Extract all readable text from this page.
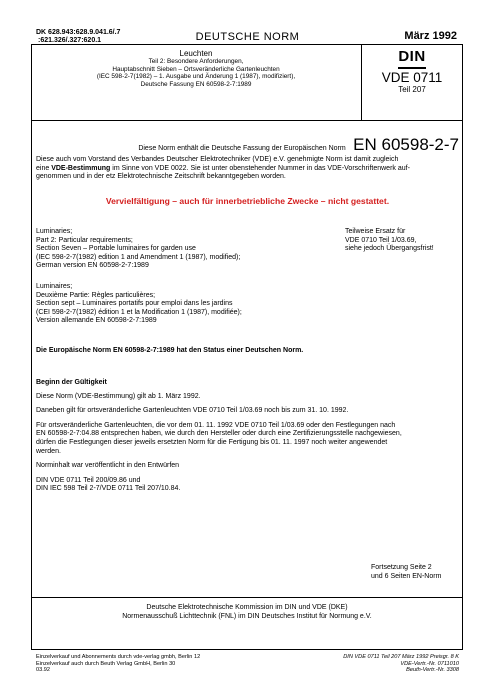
DK 628.943:628.9.041.6/.7
:621.326/.327:620.1	DEUTSCHE NORM	März 1992
Leuchten
Teil 2: Besondere Anforderungen,
Hauptabschnitt Sieben – Ortsveränderliche Gartenleuchten
(IEC 598-2-7(1982) – 1. Ausgabe und Änderung 1 (1987), modifiziert),
Deutsche Fassung EN 60598-2-7:1989
DIN
VDE 0711
Teil 207
Diese Norm enthält die Deutsche Fassung der Europäischen Norm EN 60598-2-7
Diese auch vom Vorstand des Verbandes Deutscher Elektrotechniker (VDE) e.V. genehmigte Norm ist damit zugleich
eine VDE-Bestimmung im Sinne von VDE 0022. Sie ist unter obenstehender Nummer in das VDE-Vorschriftenwerk auf-
genommen und in der etz Elektrotechnische Zeitschrift bekanntgegeben worden.
Vervielfältigung – auch für innerbetriebliche Zwecke – nicht gestattet.
Luminaries;
Part 2: Particular requirements;
Section Seven – Portable luminaires for garden use
(IEC 598-2-7(1982) edition 1 and Amendment 1 (1987), modified);
German version EN 60598-2-7:1989
Teilweise Ersatz für
VDE 0710 Teil 1/03.69,
siehe jedoch Übergangsfrist!
Luminaires;
Deuxième Partie: Règles particulières;
Section sept – Luminaires portatifs pour emploi dans les jardins
(CEI 598-2-7(1982) édition 1 et la Modification 1 (1987), modifiée);
Version allemande EN 60598-2-7:1989
Die Europäische Norm EN 60598-2-7:1989 hat den Status einer Deutschen Norm.

Beginn der Gültigkeit

Diese Norm (VDE-Bestimmung) gilt ab 1. März 1992.

Daneben gilt für ortsveränderliche Gartenleuchten VDE 0710 Teil 1/03.69 noch bis zum 31. 10. 1992.

Für ortsveränderliche Gartenleuchten, die vor dem 01. 11. 1992 VDE 0710 Teil 1/03.69 oder den Festlegungen nach
EN 60598-2-7:04.88 entsprechen haben, wie durch den Hersteller oder durch eine Zertifizierungsstelle nachgewiesen,
dürfen die Festlegungen dieser jeweils ersetzten Norm für die Fertigung bis 01. 11. 1997 noch weiter angewendet
werden.

Norminhalt war veröffentlicht in den Entwürfen

DIN VDE 0711 Teil 200/09.86 und
DIN IEC 598 Teil 2-7/VDE 0711 Teil 207/10.84.

Fortsetzung Seite 2
und 6 Seiten EN-Norm
Deutsche Elektrotechnische Kommission im DIN und VDE (DKE)
Normenausschuß Lichttechnik (FNL) im DIN Deutsches Institut für Normung e.V.
Einzelverkauf und Abonnements durch vde-verlag gmbh, Berlin 12
Einzelverkauf auch durch Beuth Verlag GmbH, Berlin 30
03.92
DIN VDE 0711 Teil 207 März 1992 Preisgr. 8 K
VDE-Vertr.-Nr. 0711010
Beuth-Vertr.-Nr. 3308
